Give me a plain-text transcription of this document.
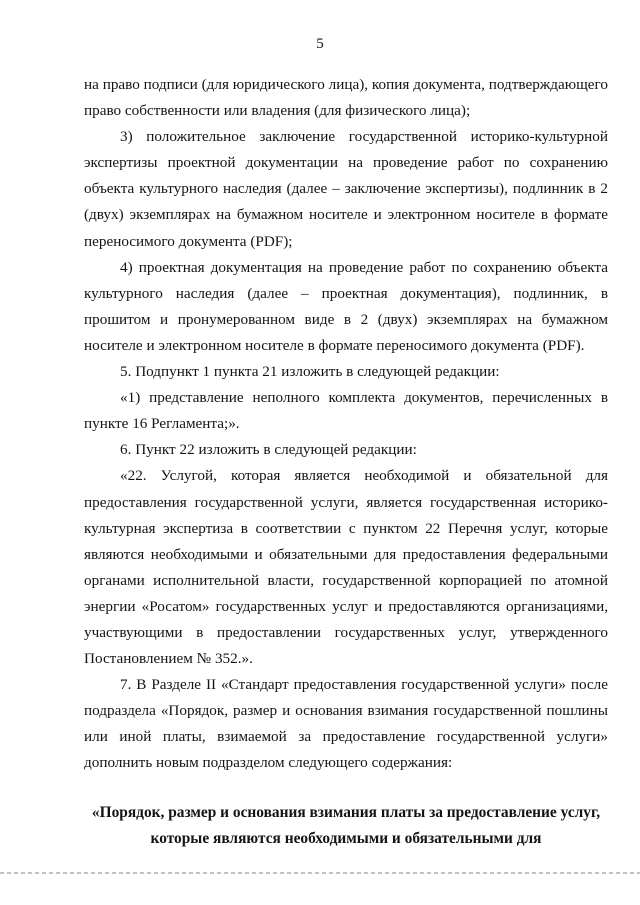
5

на право подписи (для юридического лица), копия документа, подтверждающего право собственности или владения (для физического лица);

3) положительное заключение государственной историко-культурной экспертизы проектной документации на проведение работ по сохранению объекта культурного наследия (далее – заключение экспертизы), подлинник в 2 (двух) экземплярах на бумажном носителе и электронном носителе в формате переносимого документа (PDF);

4) проектная документация на проведение работ по сохранению объекта культурного наследия (далее – проектная документация), подлинник, в прошитом и пронумерованном виде в 2 (двух) экземплярах на бумажном носителе и электронном носителе в формате переносимого документа (PDF).

5. Подпункт 1 пункта 21 изложить в следующей редакции:

«1) представление неполного комплекта документов, перечисленных в пункте 16 Регламента;».

6. Пункт 22 изложить в следующей редакции:

«22. Услугой, которая является необходимой и обязательной для предоставления государственной услуги, является государственная историко-культурная экспертиза в соответствии с пунктом 22 Перечня услуг, которые являются необходимыми и обязательными для предоставления федеральными органами исполнительной власти, государственной корпорацией по атомной энергии «Росатом» государственных услуг и предоставляются организациями, участвующими в предоставлении государственных услуг, утвержденного Постановлением № 352.».

7. В Разделе II «Стандарт предоставления государственной услуги» после подраздела «Порядок, размер и основания взимания государственной пошлины или иной платы, взимаемой за предоставление государственной услуги» дополнить новым подразделом следующего содержания:

«Порядок, размер и основания взимания платы за предоставление услуг,

которые являются необходимыми и обязательными для
